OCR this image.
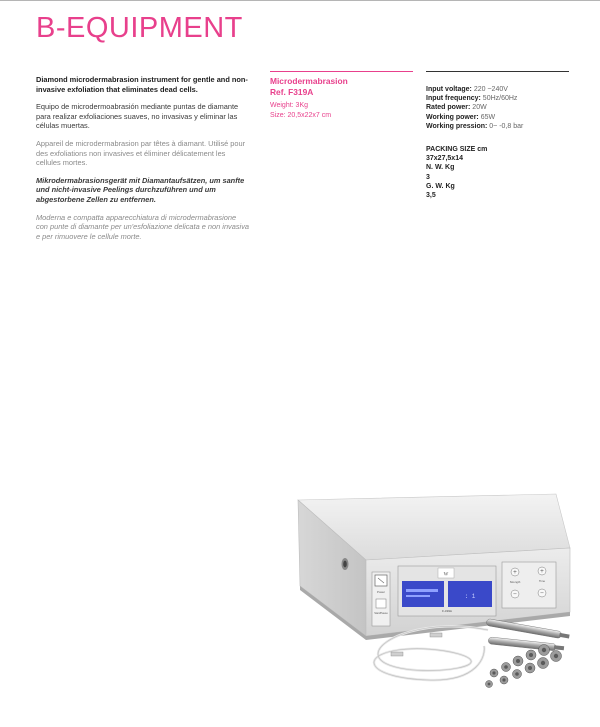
B-EQUIPMENT

Diamond microdermabrasion instrument for gentle and non-invasive exfoliation that eliminates dead cells.

Equipo de microdermoabrasión mediante puntas de diamante para realizar exfoliaciones suaves, no invasivas y eliminar las células muertas.

Appareil de microdermabrasion par têtes à diamant. Utilisé pour des exfoliations non invasives et éliminer délicatement les cellules mortes.

Mikrodermabrasionsgerät mit Diamantaufsätzen, um sanfte und nicht-invasive Peelings durchzuführen und um abgestorbene Zellen zu entfernen.

Moderna e compatta apparecchiatura di microdermabrasione con punte di diamante per un'esfoliazione delicata e non invasiva e per rimuovere le cellule morte.

Microdermabrasion
Ref. F319A
Weight: 3Kg
Size: 20,5x22x7 cm
Input voltage: 220 ~240V
Input frequency: 50Hz/60Hz
Rated power: 20W
Working power: 65W
Working pression: 0~ -0,8 bar
PACKING SIZE cm
37x27,5x14
N. W. Kg
3
G. W. Kg
3,5
Power
Start/Pause
W
: 1
F-319A
+	+
Strength	Time
−	−
